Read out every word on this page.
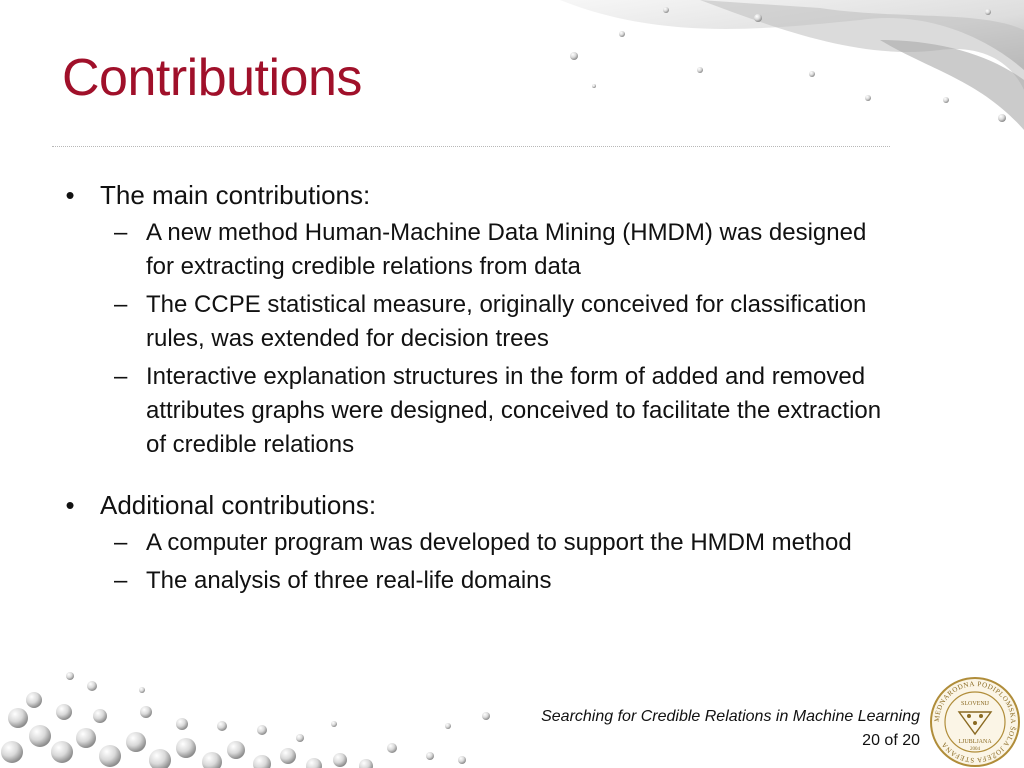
Contributions
• The main contributions:
– A new method Human-Machine Data Mining (HMDM) was designed for extracting credible relations from data
– The CCPE statistical measure, originally conceived for classification rules, was extended for decision trees
– Interactive explanation structures in the form of added and removed attributes graphs were designed, conceived to facilitate the extraction of credible relations
• Additional contributions:
– A computer program was developed to support the HMDM method
– The analysis of three real-life domains
Searching for Credible Relations in Machine Learning
20 of 20
MEDNARODNA PODIPLOMSKA ŠOLA JOŽEFA STEFANA
SLOVENIJ
LJUBLJANA
2004
